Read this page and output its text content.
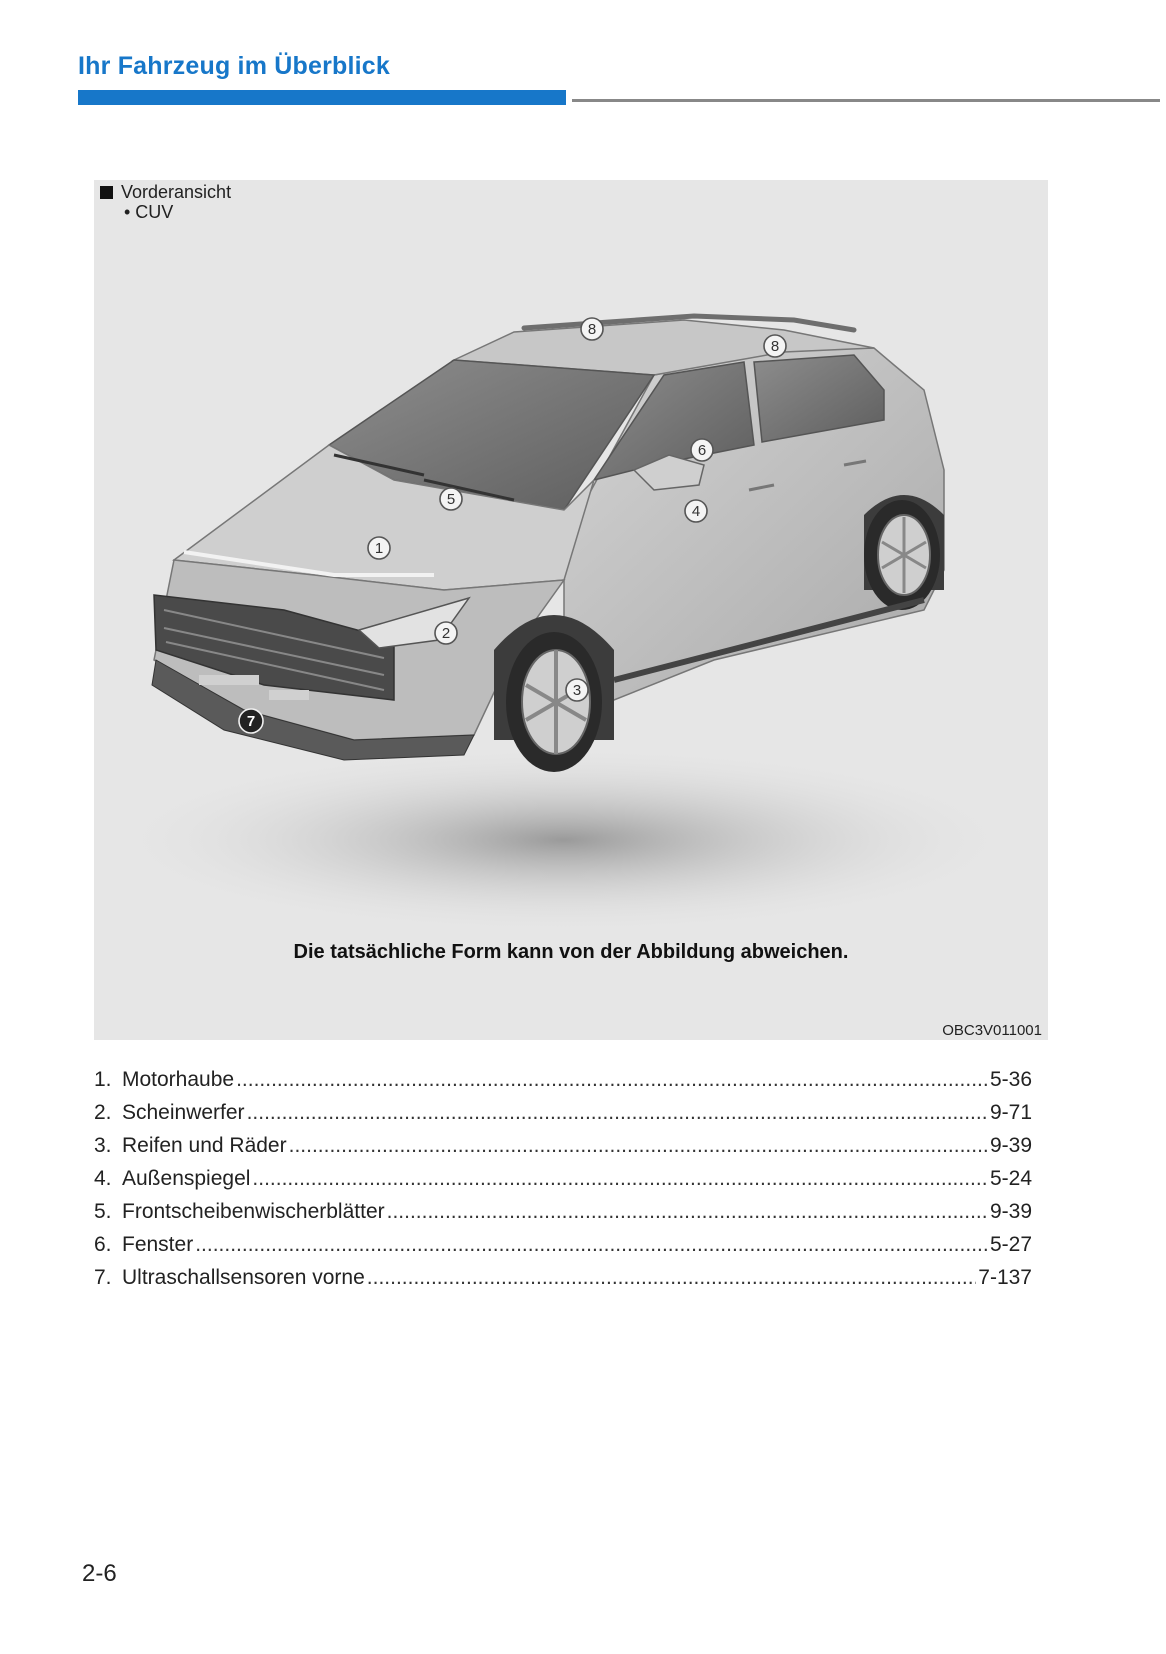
Ihr Fahrzeug im Überblick
1
2
3
4
5
6
7
8
8
Vorderansicht
• CUV
Die tatsächliche Form kann von der Abbildung abweichen.
OBC3V011001
1. Motorhaube .....	5-36
2. Scheinwerfer .....	9-71
3. Reifen und Räder .....	9-39
4. Außenspiegel .....	5-24
5. Frontscheibenwischerblätter .....	9-39
6. Fenster .....	5-27
7. Ultraschallsensoren vorne .....	7-137
2-6
